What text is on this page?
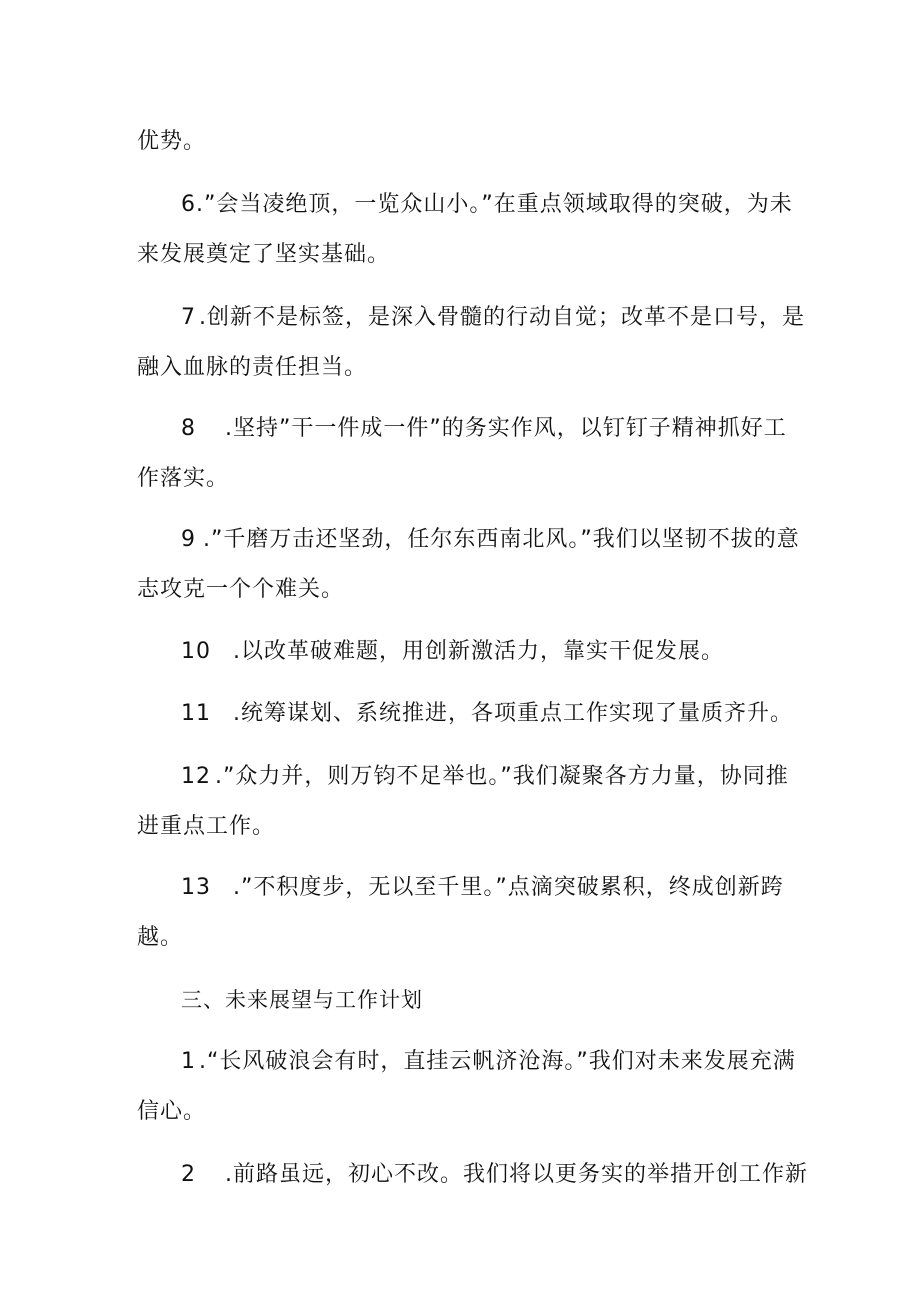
优势。
6.”会当凌绝顶，一览众山小。”在重点领域取得的突破，为未
来发展奠定了坚实基础。
7 .创新不是标签，是深入骨髓的行动自觉；改革不是口号，是
融入血脉的责任担当。
8 .坚持”干一件成一件”的务实作风，以钉钉子精神抓好工
作落实。
9 .”千磨万击还坚劲，任尔东西南北风。”我们以坚韧不拔的意
志攻克一个个难关。
10 .以改革破难题，用创新激活力，靠实干促发展。
11 .统筹谋划、系统推进，各项重点工作实现了量质齐升。
12 .”众力并，则万钧不足举也。”我们凝聚各方力量，协同推
进重点工作。
13 .”不积度步，无以至千里。”点滴突破累积，终成创新跨
越。
三、未来展望与工作计划
1 .“长风破浪会有时，直挂云帆济沧海。”我们对未来发展充满
信心。
2 .前路虽远，初心不改。我们将以更务实的举措开创工作新
